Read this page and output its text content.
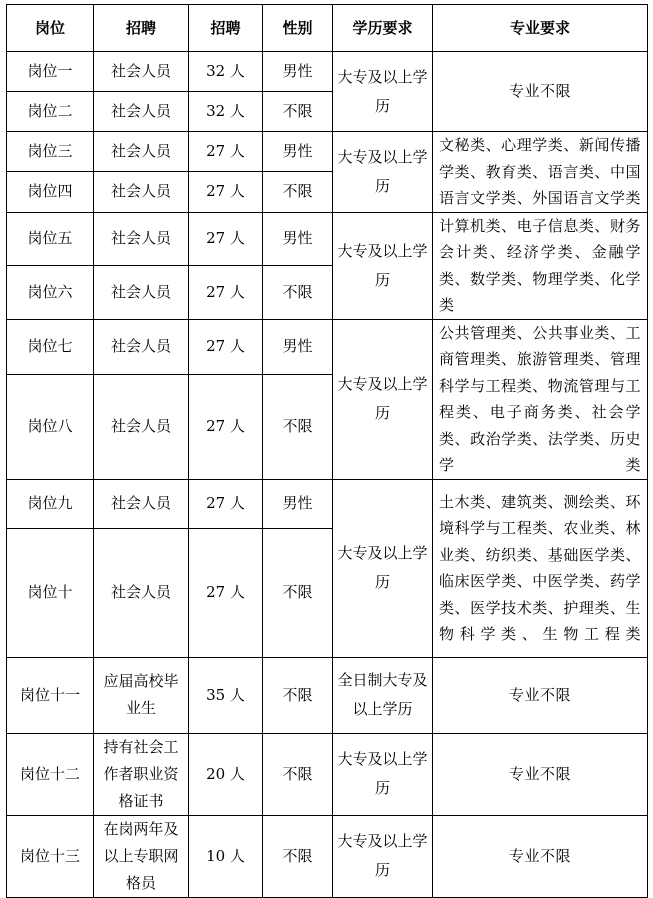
岗位	招聘	招聘	性别	学历要求	专业要求
岗位一	社会人员	32 人	男性	大专及以上学历	专业不限
岗位二	社会人员	32 人	不限		
岗位三	社会人员	27 人	男性	大专及以上学历	文秘类、心理学类、新闻传播学类、教育类、语言类、中国语言文学类、外国语言文学类
岗位四	社会人员	27 人	不限		
岗位五	社会人员	27 人	男性	大专及以上学历	计算机类、电子信息类、财务会计类、经济学类、金融学类、数学类、物理学类、化学类
岗位六	社会人员	27 人	不限		
岗位七	社会人员	27 人	男性	大专及以上学历	公共管理类、公共事业类、工商管理类、旅游管理类、管理科学与工程类、物流管理与工程类、电子商务类、社会学类、政治学类、法学类、历史学类
岗位八	社会人员	27 人	不限		
岗位九	社会人员	27 人	男性	大专及以上学历	土木类、建筑类、测绘类、环境科学与工程类、农业类、林业类、纺织类、基础医学类、临床医学类、中医学类、药学类、医学技术类、护理类、生物科学类、生物工程类
岗位十	社会人员	27 人	不限		
岗位十一	应届高校毕业生	35 人	不限	全日制大专及以上学历	专业不限
岗位十二	持有社会工作者职业资格证书	20 人	不限	大专及以上学历	专业不限
岗位十三	在岗两年及以上专职网格员	10 人	不限	大专及以上学历	专业不限
